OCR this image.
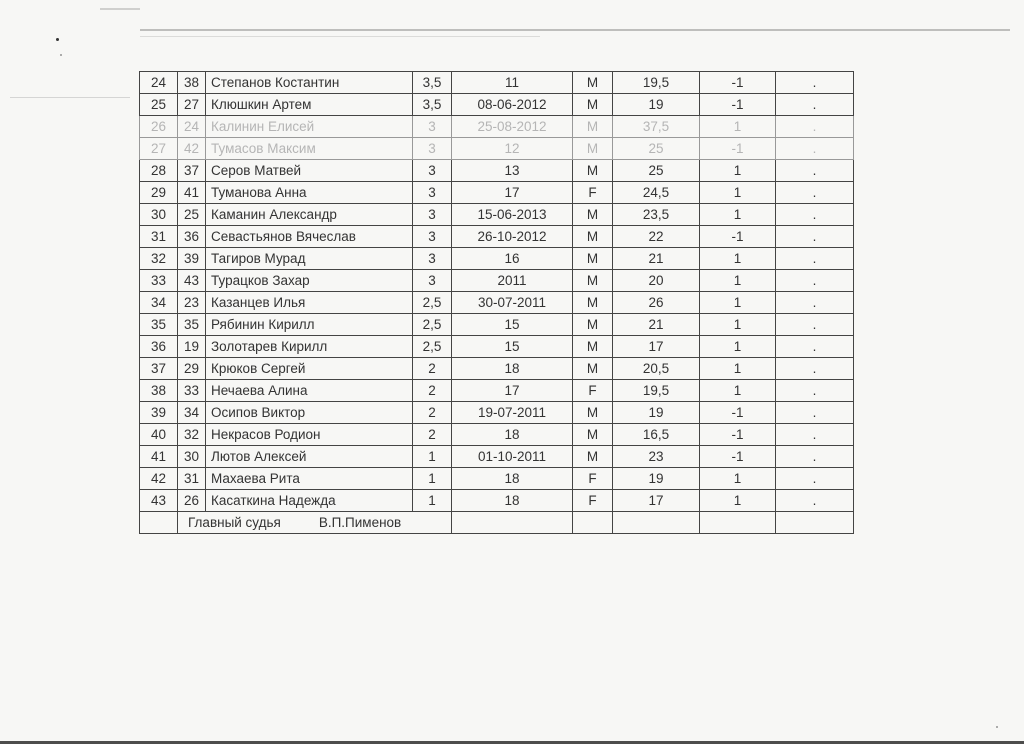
24	38	Степанов Костантин	3,5	11	M	19,5	-1	.
25	27	Клюшкин Артем	3,5	08-06-2012	M	19	-1	.
26	24	Калинин Елисей	3	25-08-2012	M	37,5	1	.
27	42	Тумасов Максим	3	12	M	25	-1	.
28	37	Серов Матвей	3	13	M	25	1	.
29	41	Туманова Анна	3	17	F	24,5	1	.
30	25	Каманин Александр	3	15-06-2013	M	23,5	1	.
31	36	Севастьянов Вячеслав	3	26-10-2012	M	22	-1	.
32	39	Тагиров Мурад	3	16	M	21	1	.
33	43	Турацков Захар	3	2011	M	20	1	.
34	23	Казанцев Илья	2,5	30-07-2011	M	26	1	.
35	35	Рябинин Кирилл	2,5	15	M	21	1	.
36	19	Золотарев Кирилл	2,5	15	M	17	1	.
37	29	Крюков Сергей	2	18	M	20,5	1	.
38	33	Нечаева Алина	2	17	F	19,5	1	.
39	34	Осипов Виктор	2	19-07-2011	M	19	-1	.
40	32	Некрасов Родион	2	18	M	16,5	-1	.
41	30	Лютов Алексей	1	01-10-2011	M	23	-1	.
42	31	Махаева Рита	1	18	F	19	1	.
43	26	Касаткина Надежда	1	18	F	17	1	.
	Главный судья В.П.Пименов							
